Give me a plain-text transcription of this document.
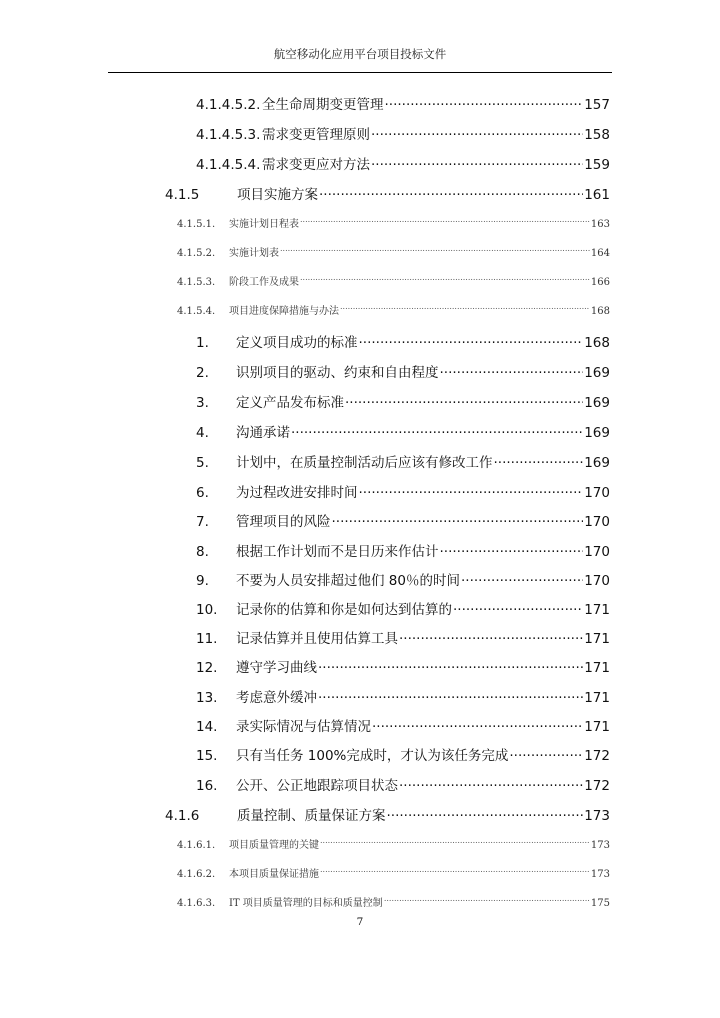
航空移动化应用平台项目投标文件
4.1.4.5.2. 全生命周期变更管理 .....	157
4.1.4.5.3. 需求变更管理原则 .....	158
4.1.4.5.4. 需求变更应对方法 .....	159
4.1.5	项目实施方案 .....	161
4.1.5.1.	实施计划日程表 .....	163
4.1.5.2.	实施计划表 .....	164
4.1.5.3.	阶段工作及成果 .....	166
4.1.5.4.	项目进度保障措施与办法 .....	168
1.	定义项目成功的标准 .....	168
2.	识别项目的驱动、约束和自由程度 .....	169
3.	定义产品发布标准 .....	169
4.	沟通承诺 .....	169
5.	计划中，在质量控制活动后应该有修改工作 .....	169
6.	为过程改进安排时间 .....	170
7.	管理项目的风险 .....	170
8.	根据工作计划而不是日历来作估计 .....	170
9.	不要为人员安排超过他们 80％的时间 .....	170
10.	记录你的估算和你是如何达到估算的 .....	171
11.	记录估算并且使用估算工具 .....	171
12.	遵守学习曲线 .....	171
13.	考虑意外缓冲 .....	171
14.	录实际情况与估算情况 .....	171
15.	只有当任务 100%完成时，才认为该任务完成 .....	172
16.	公开、公正地跟踪项目状态 .....	172
4.1.6	质量控制、质量保证方案 .....	173
4.1.6.1.	项目质量管理的关键 .....	173
4.1.6.2.	本项目质量保证措施 .....	173
4.1.6.3.	IT 项目质量管理的目标和质量控制 .....	175
7
